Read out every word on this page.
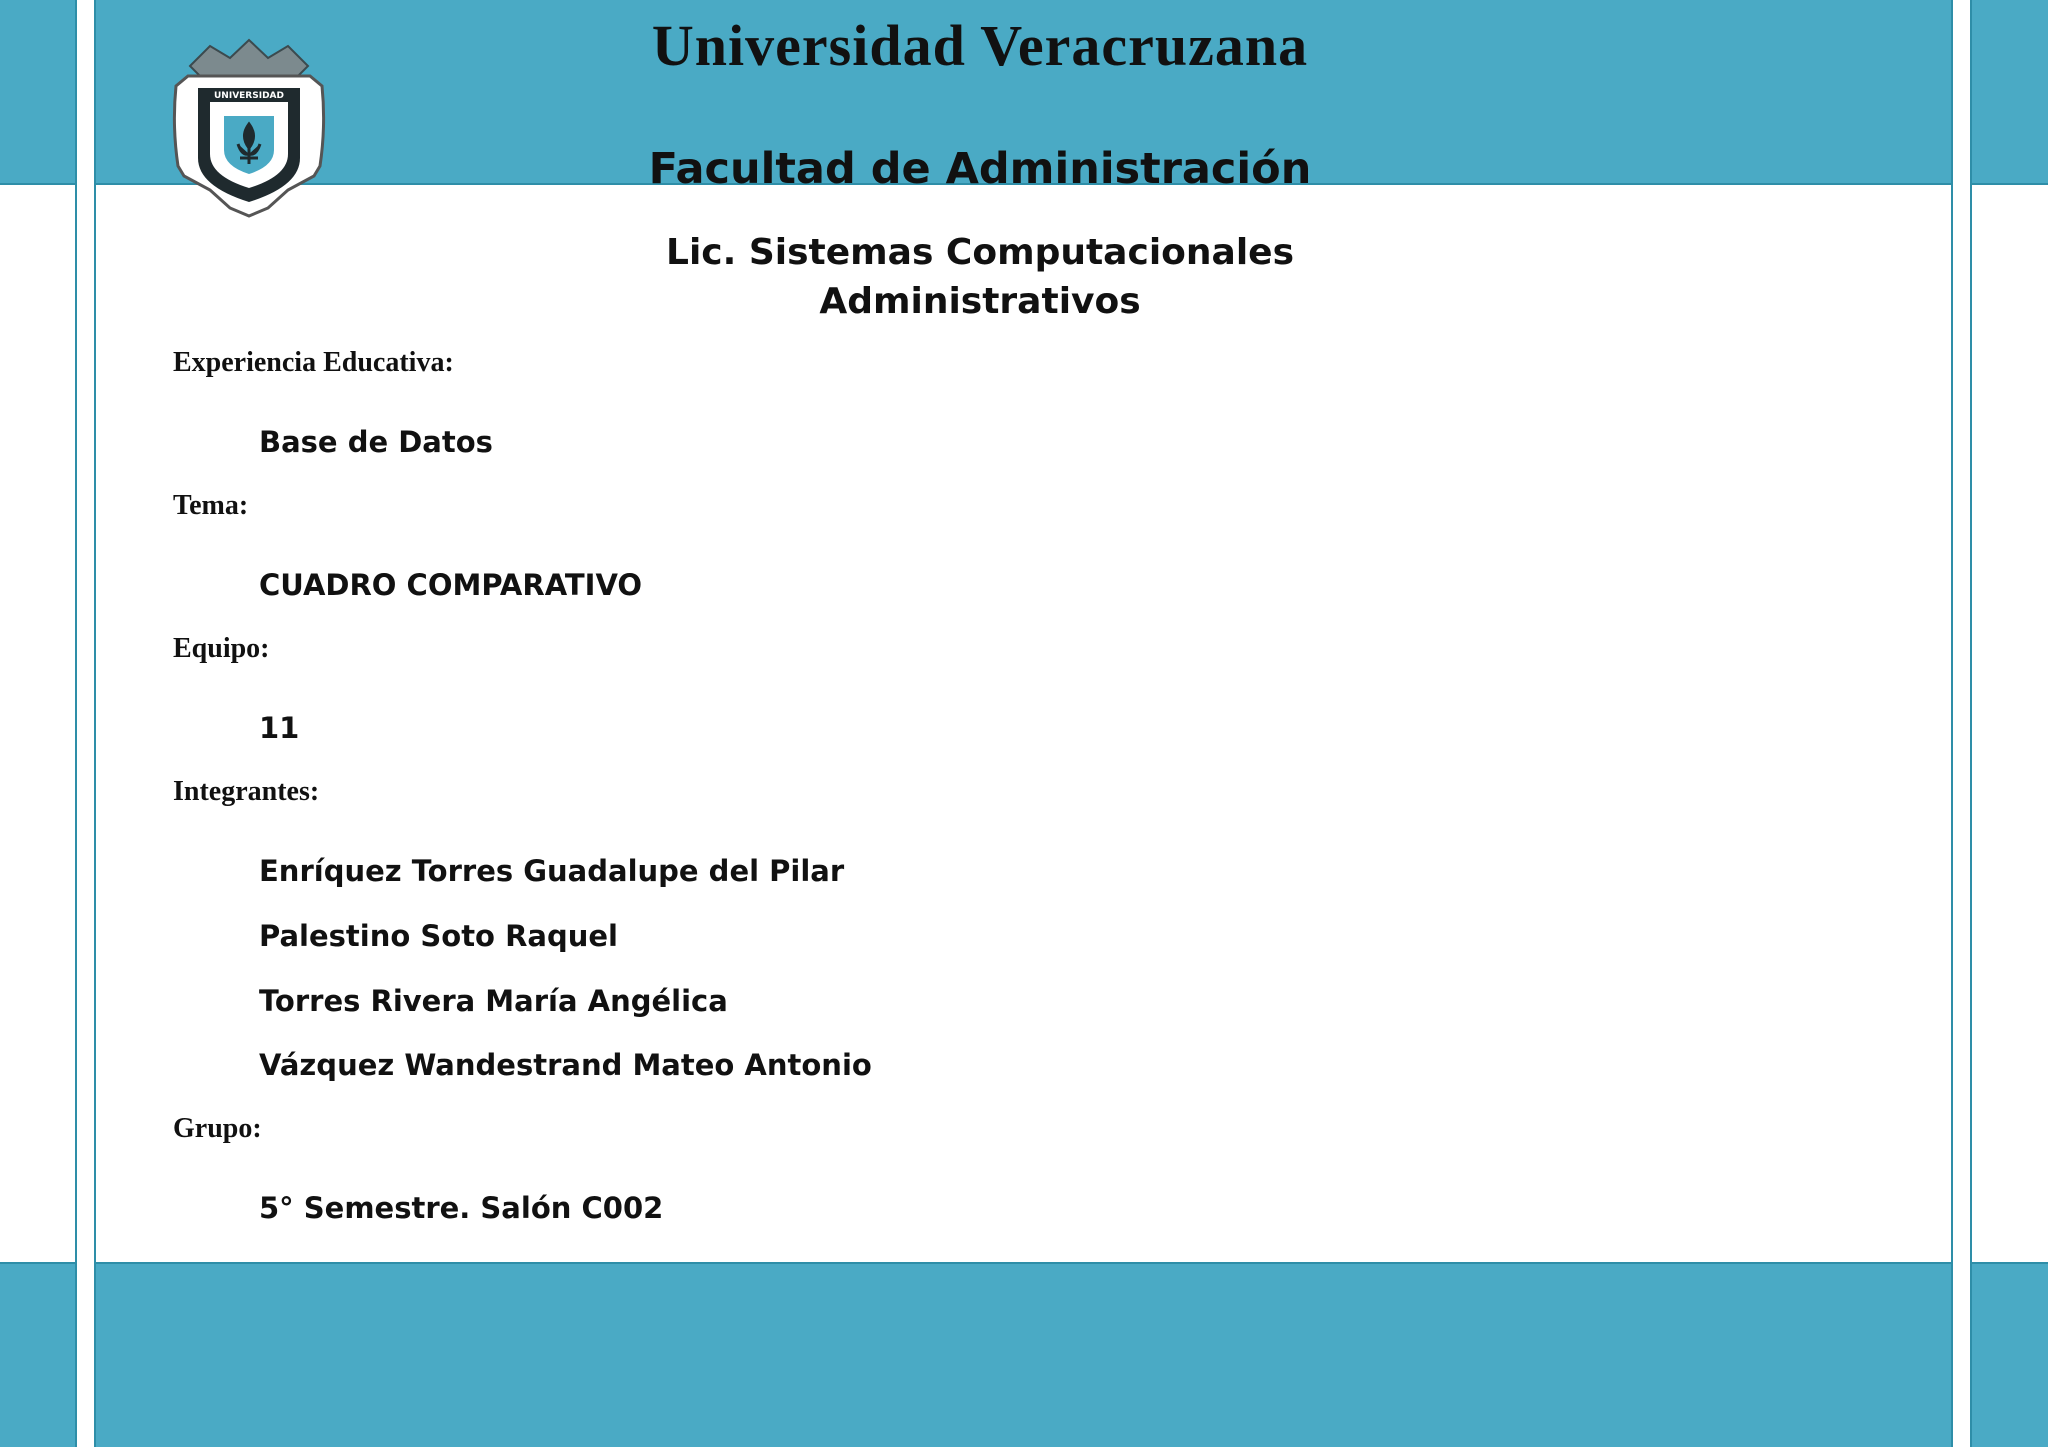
UNIVERSIDAD
Universidad Veracruzana
Facultad de Administración
Lic. Sistemas Computacionales
Administrativos
Experiencia Educativa:
Base de Datos
Tema:
CUADRO COMPARATIVO
Equipo:
11
Integrantes:
Enríquez Torres Guadalupe del Pilar
Palestino Soto Raquel
Torres Rivera María Angélica
Vázquez Wandestrand Mateo Antonio
Grupo:
5° Semestre. Salón C002
